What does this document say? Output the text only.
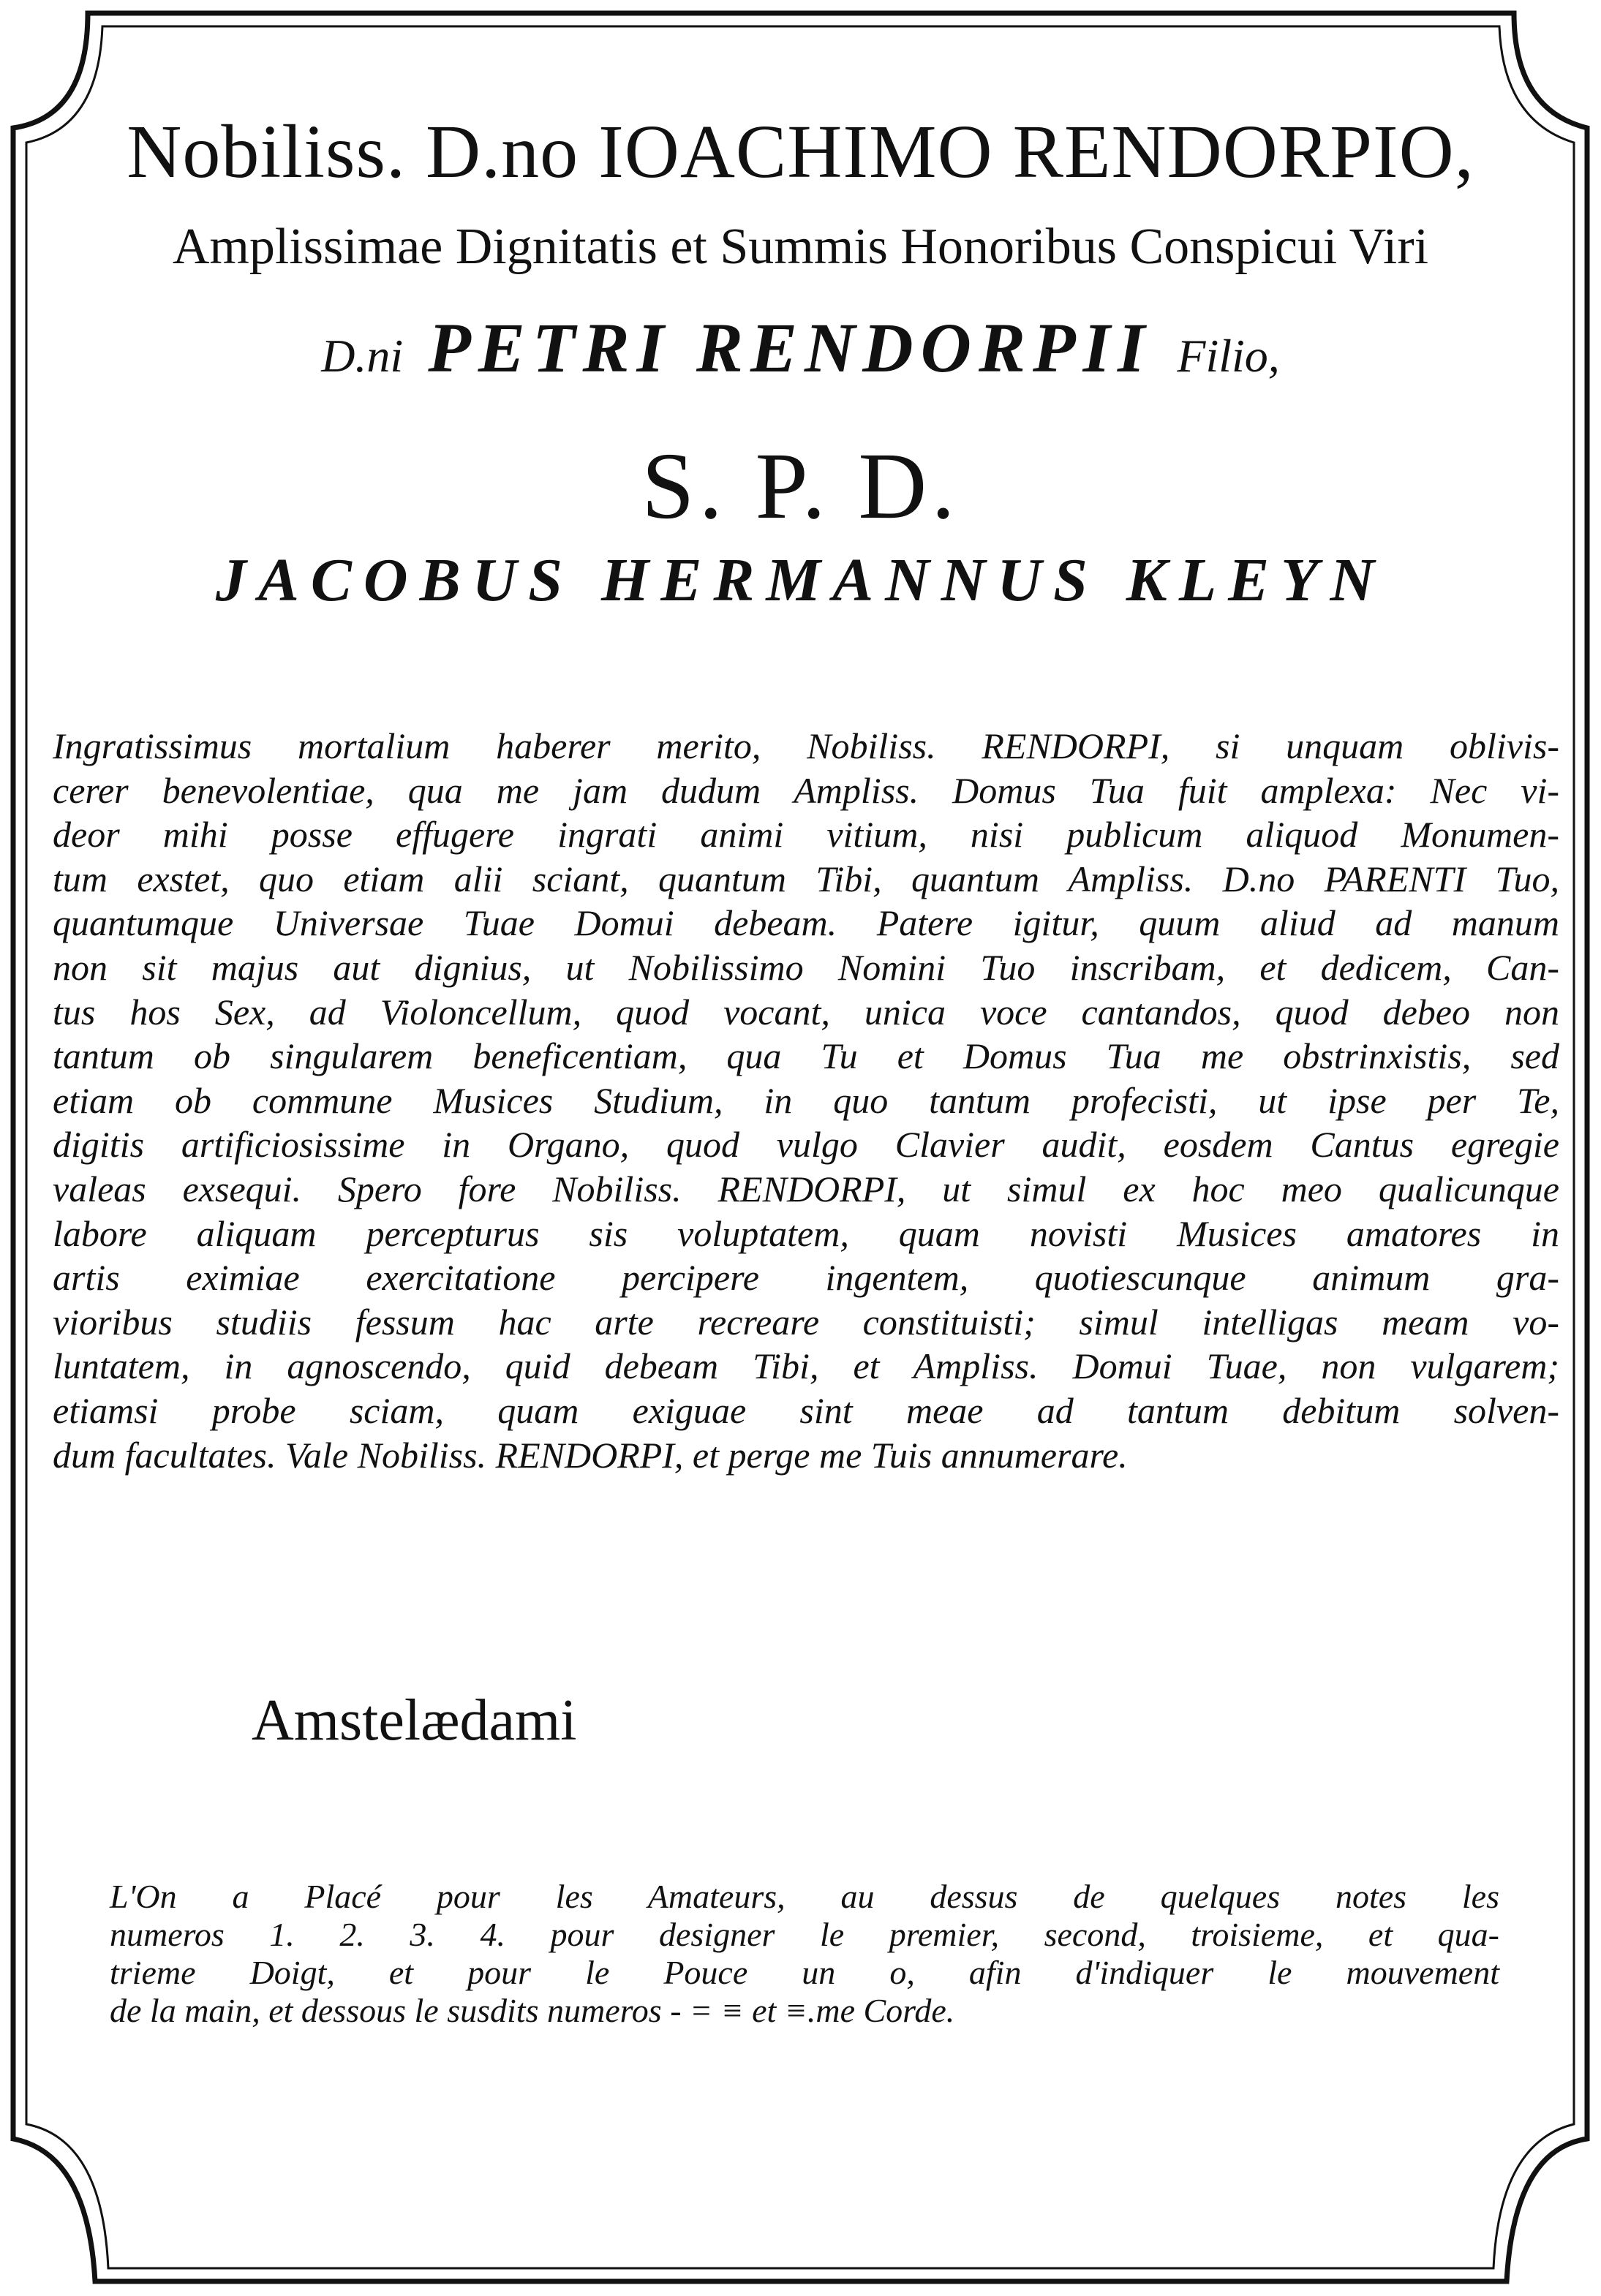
Nobiliss. D.no IOACHIMO RENDORPIO,
Amplissimae Dignitatis et Summis Honoribus Conspicui Viri
D.ni PETRI RENDORPII Filio,
S. P. D.
JACOBUS HERMANNUS KLEYN
Ingratissimus mortalium haberer merito, Nobiliss. RENDORPI, si unquam oblivis-
cerer benevolentiae, qua me jam dudum Ampliss. Domus Tua fuit amplexa: Nec vi-
deor mihi posse effugere ingrati animi vitium, nisi publicum aliquod Monumen-
tum exstet, quo etiam alii sciant, quantum Tibi, quantum Ampliss. D.no PARENTI Tuo,
quantumque Universae Tuae Domui debeam. Patere igitur, quum aliud ad manum
non sit majus aut dignius, ut Nobilissimo Nomini Tuo inscribam, et dedicem, Can-
tus hos Sex, ad Violoncellum, quod vocant, unica voce cantandos, quod debeo non
tantum ob singularem beneficentiam, qua Tu et Domus Tua me obstrinxistis, sed
etiam ob commune Musices Studium, in quo tantum profecisti, ut ipse per Te,
digitis artificiosissime in Organo, quod vulgo Clavier audit, eosdem Cantus egregie
valeas exsequi. Spero fore Nobiliss. RENDORPI, ut simul ex hoc meo qualicunque
labore aliquam percepturus sis voluptatem, quam novisti Musices amatores in
artis eximiae exercitatione percipere ingentem, quotiescunque animum gra-
vioribus studiis fessum hac arte recreare constituisti; simul intelligas meam vo-
luntatem, in agnoscendo, quid debeam Tibi, et Ampliss. Domui Tuae, non vulgarem;
etiamsi probe sciam, quam exiguae sint meae ad tantum debitum solven-
dum facultates. Vale Nobiliss. RENDORPI, et perge me Tuis annumerare.
Amstelædami
L'On a Placé pour les Amateurs, au dessus de quelques notes les
numeros 1. 2. 3. 4. pour designer le premier, second, troisieme, et qua-
trieme Doigt, et pour le Pouce un o, afin d'indiquer le mouvement
de la main, et dessous le susdits numeros - = ≡ et ≡.me Corde.
